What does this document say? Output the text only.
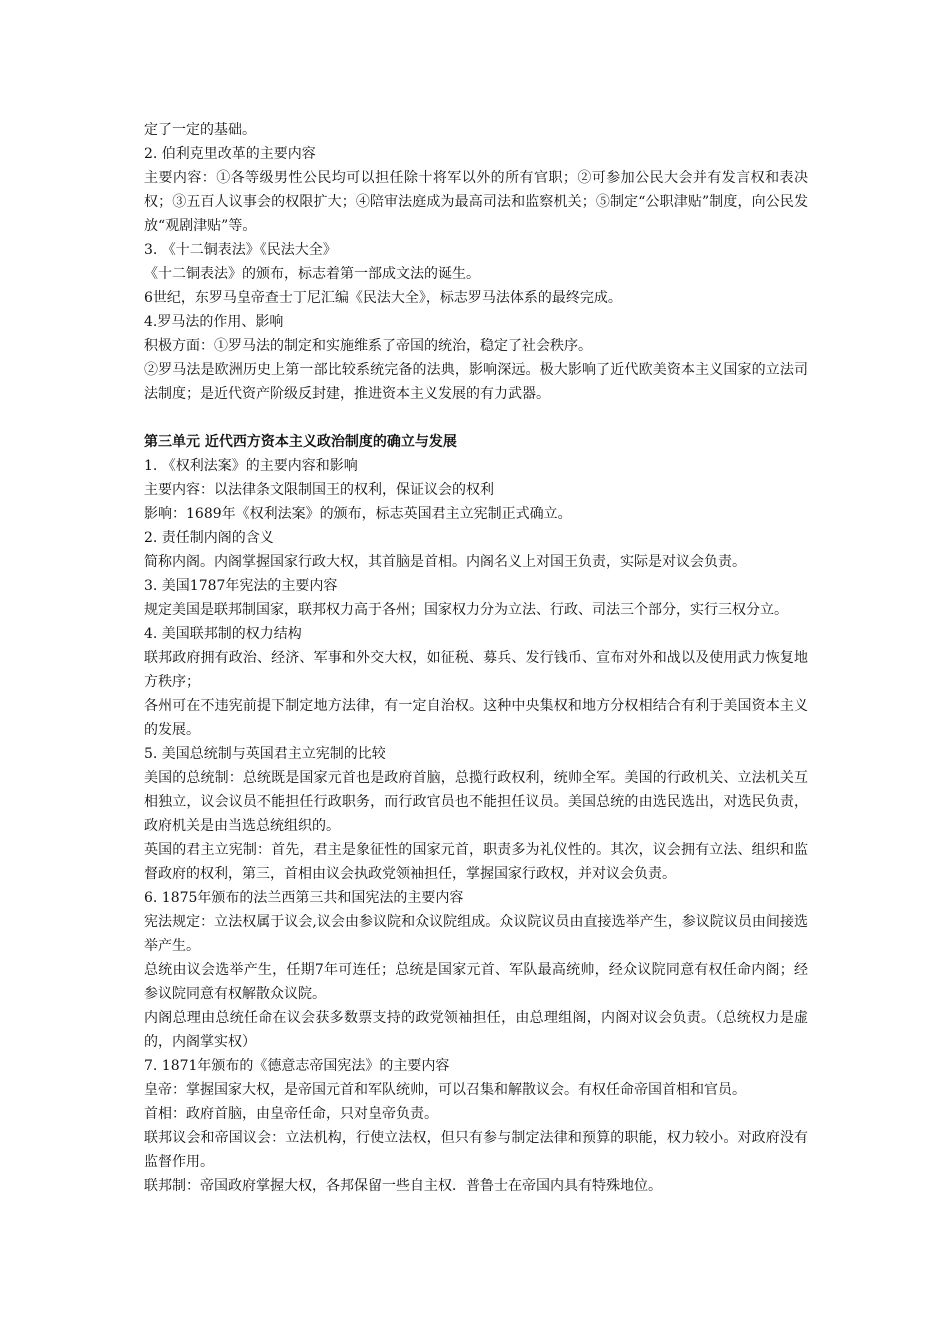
定了一定的基础。

2. 伯利克里改革的主要内容

主要内容：①各等级男性公民均可以担任除十将军以外的所有官职；②可参加公民大会并有发言权和表决权；③五百人议事会的权限扩大；④陪审法庭成为最高司法和监察机关；⑤制定“公职津贴”制度，向公民发放“观剧津贴”等。

3. 《十二铜表法》《民法大全》

《十二铜表法》的颁布，标志着第一部成文法的诞生。

6世纪，东罗马皇帝查士丁尼汇编《民法大全》，标志罗马法体系的最终完成。

4.罗马法的作用、影响

积极方面：①罗马法的制定和实施维系了帝国的统治，稳定了社会秩序。

②罗马法是欧洲历史上第一部比较系统完备的法典，影响深远。极大影响了近代欧美资本主义国家的立法司法制度；是近代资产阶级反封建，推进资本主义发展的有力武器。

第三单元 近代西方资本主义政治制度的确立与发展

1. 《权利法案》的主要内容和影响

主要内容：以法律条文限制国王的权利，保证议会的权利

影响：1689年《权利法案》的颁布，标志英国君主立宪制正式确立。

2. 责任制内阁的含义

简称内阁。内阁掌握国家行政大权，其首脑是首相。内阁名义上对国王负责，实际是对议会负责。

3. 美国1787年宪法的主要内容

规定美国是联邦制国家，联邦权力高于各州；国家权力分为立法、行政、司法三个部分，实行三权分立。

4. 美国联邦制的权力结构

联邦政府拥有政治、经济、军事和外交大权，如征税、募兵、发行钱币、宣布对外和战以及使用武力恢复地方秩序；

各州可在不违宪前提下制定地方法律，有一定自治权。这种中央集权和地方分权相结合有利于美国资本主义的发展。

5. 美国总统制与英国君主立宪制的比较

美国的总统制：总统既是国家元首也是政府首脑，总揽行政权利，统帅全军。美国的行政机关、立法机关互相独立，议会议员不能担任行政职务，而行政官员也不能担任议员。美国总统的由选民选出，对选民负责，政府机关是由当选总统组织的。

英国的君主立宪制：首先，君主是象征性的国家元首，职责多为礼仪性的。其次，议会拥有立法、组织和监督政府的权利，第三，首相由议会执政党领袖担任，掌握国家行政权，并对议会负责。

6. 1875年颁布的法兰西第三共和国宪法的主要内容

宪法规定：立法权属于议会,议会由参议院和众议院组成。众议院议员由直接选举产生，参议院议员由间接选举产生。

总统由议会选举产生，任期7年可连任；总统是国家元首、军队最高统帅，经众议院同意有权任命内阁；经参议院同意有权解散众议院。

内阁总理由总统任命在议会获多数票支持的政党领袖担任，由总理组阁，内阁对议会负责。（总统权力是虚的，内阁掌实权）

7. 1871年颁布的《德意志帝国宪法》的主要内容

皇帝：掌握国家大权，是帝国元首和军队统帅，可以召集和解散议会。有权任命帝国首相和官员。

首相：政府首脑，由皇帝任命，只对皇帝负责。

联邦议会和帝国议会：立法机构，行使立法权，但只有参与制定法律和预算的职能，权力较小。对政府没有监督作用。

联邦制：帝国政府掌握大权，各邦保留一些自主权．普鲁士在帝国内具有特殊地位。
